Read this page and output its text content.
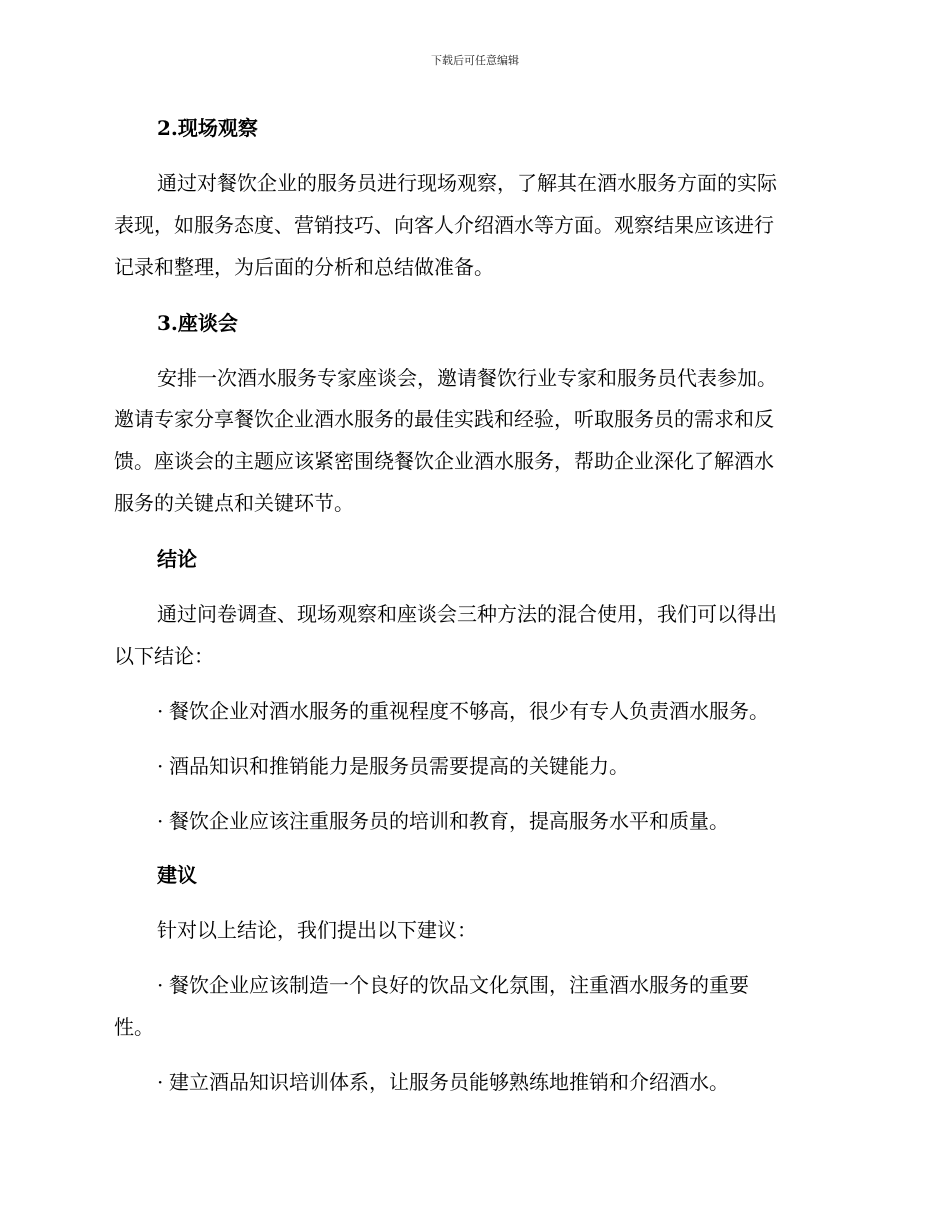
下载后可任意编辑
2.现场观察
通过对餐饮企业的服务员进行现场观察，了解其在酒水服务方面的实际
表现，如服务态度、营销技巧、向客人介绍酒水等方面。观察结果应该进行
记录和整理，为后面的分析和总结做准备。
3.座谈会
安排一次酒水服务专家座谈会，邀请餐饮行业专家和服务员代表参加。
邀请专家分享餐饮企业酒水服务的最佳实践和经验，听取服务员的需求和反
馈。座谈会的主题应该紧密围绕餐饮企业酒水服务，帮助企业深化了解酒水
服务的关键点和关键环节。
结论
通过问卷调查、现场观察和座谈会三种方法的混合使用，我们可以得出
以下结论：
· 餐饮企业对酒水服务的重视程度不够高，很少有专人负责酒水服务。
· 酒品知识和推销能力是服务员需要提高的关键能力。
· 餐饮企业应该注重服务员的培训和教育，提高服务水平和质量。
建议
针对以上结论，我们提出以下建议：
· 餐饮企业应该制造一个良好的饮品文化氛围，注重酒水服务的重要
性。
· 建立酒品知识培训体系，让服务员能够熟练地推销和介绍酒水。
